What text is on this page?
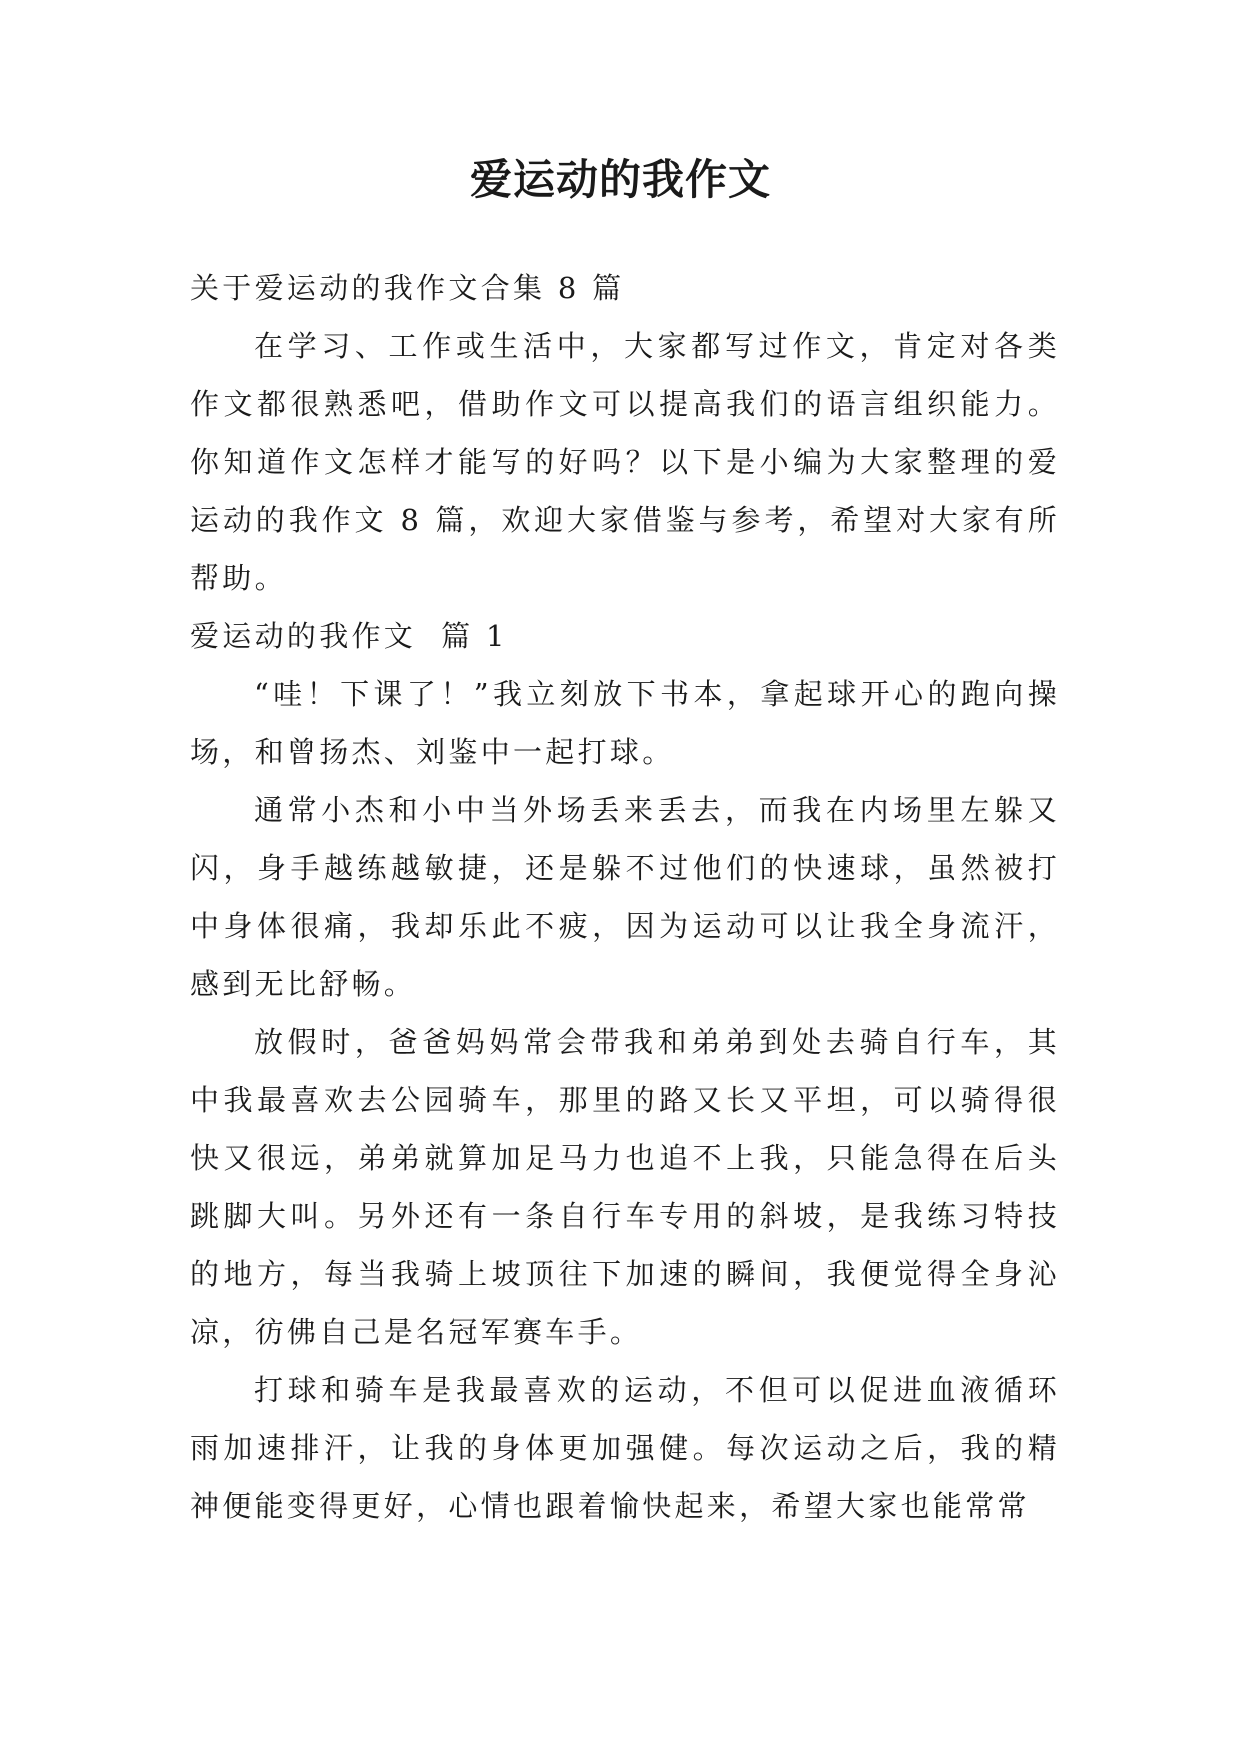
爱运动的我作文

关于爱运动的我作文合集 8 篇

在学习、工作或生活中，大家都写过作文，肯定对各类作文都很熟悉吧，借助作文可以提高我们的语言组织能力。你知道作文怎样才能写的好吗？以下是小编为大家整理的爱运动的我作文 8 篇，欢迎大家借鉴与参考，希望对大家有所帮助。

爱运动的我作文  篇 1

“哇！下课了！”我立刻放下书本，拿起球开心的跑向操场，和曾扬杰、刘鉴中一起打球。

通常小杰和小中当外场丢来丢去，而我在内场里左躲又闪，身手越练越敏捷，还是躲不过他们的快速球，虽然被打中身体很痛，我却乐此不疲，因为运动可以让我全身流汗，感到无比舒畅。

放假时，爸爸妈妈常会带我和弟弟到处去骑自行车，其中我最喜欢去公园骑车，那里的路又长又平坦，可以骑得很快又很远，弟弟就算加足马力也追不上我，只能急得在后头跳脚大叫。另外还有一条自行车专用的斜坡，是我练习特技的地方，每当我骑上坡顶往下加速的瞬间，我便觉得全身沁凉，彷佛自己是名冠军赛车手。

打球和骑车是我最喜欢的运动，不但可以促进血液循环雨加速排汗，让我的身体更加强健。每次运动之后，我的精神便能变得更好，心情也跟着愉快起来，希望大家也能常常
